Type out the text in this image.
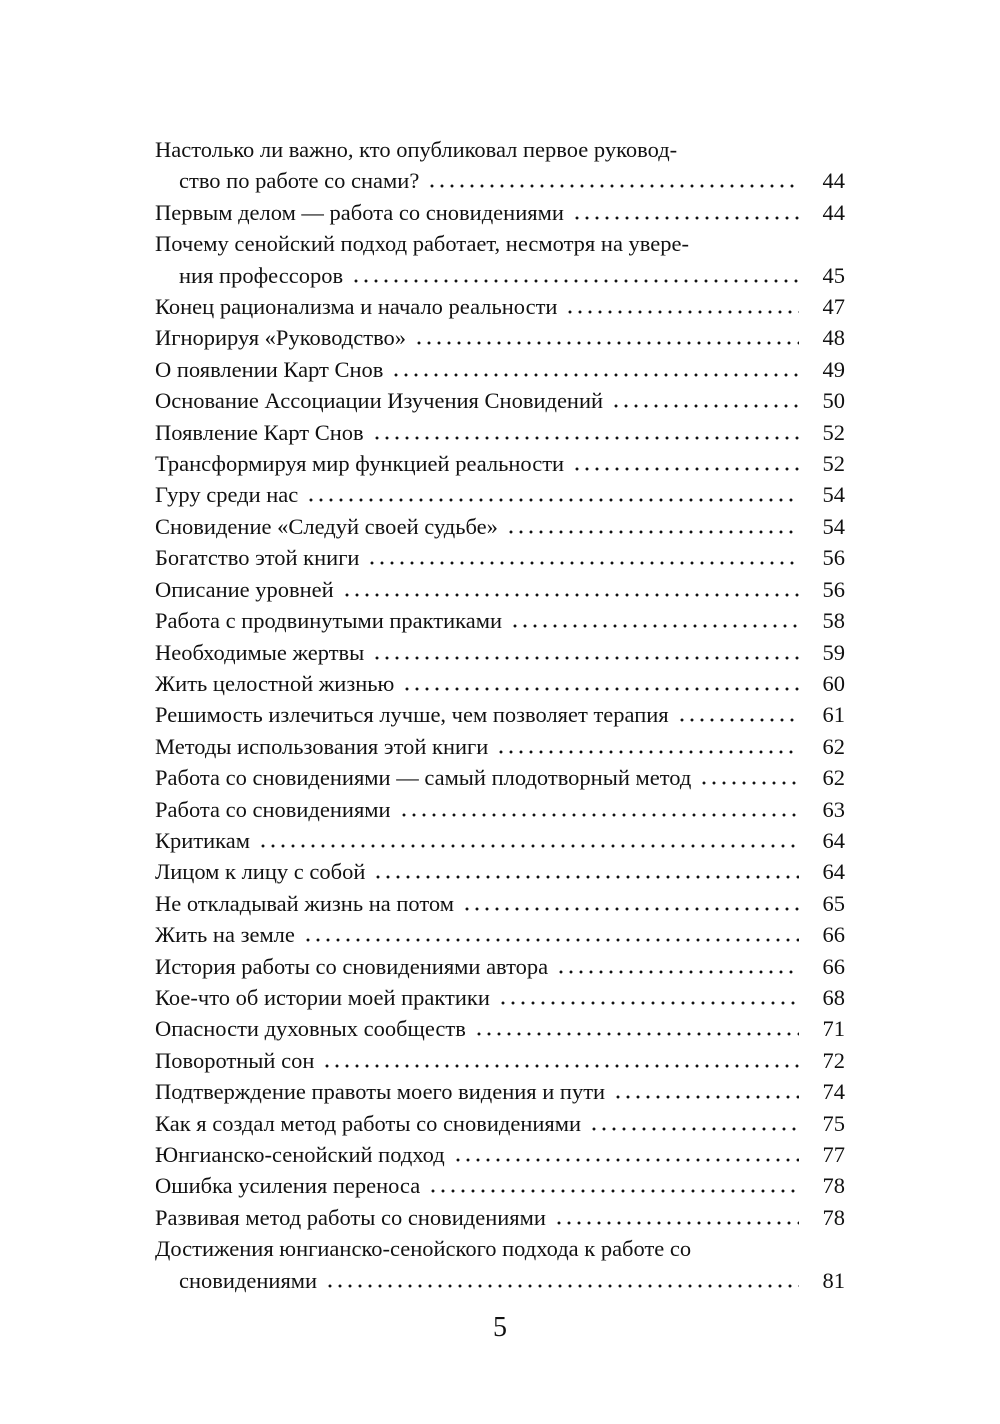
Настолько ли важно, кто опубликовал первое руковод-
ство по работе со снами?	44
Первым делом — работа со сновидениями	44
Почему сенойский подход работает, несмотря на увере-
ния профессоров	45
Конец рационализма и начало реальности	47
Игнорируя «Руководство»	48
О появлении Карт Снов	49
Основание Ассоциации Изучения Сновидений	50
Появление Карт Снов	52
Трансформируя мир функцией реальности	52
Гуру среди нас	54
Сновидение «Следуй своей судьбе»	54
Богатство этой книги	56
Описание уровней	56
Работа с продвинутыми практиками	58
Необходимые жертвы	59
Жить целостной жизнью	60
Решимость излечиться лучше, чем позволяет терапия	61
Методы использования этой книги	62
Работа со сновидениями — самый плодотворный метод	62
Работа со сновидениями	63
Критикам	64
Лицом к лицу с собой	64
Не откладывай жизнь на потом	65
Жить на земле	66
История работы со сновидениями автора	66
Кое-что об истории моей практики	68
Опасности духовных сообществ	71
Поворотный сон	72
Подтверждение правоты моего видения и пути	74
Как я создал метод работы со сновидениями	75
Юнгианско-сенойский подход	77
Ошибка усиления переноса	78
Развивая метод работы со сновидениями	78
Достижения юнгианско-сенойского подхода к работе со
сновидениями	81
5
